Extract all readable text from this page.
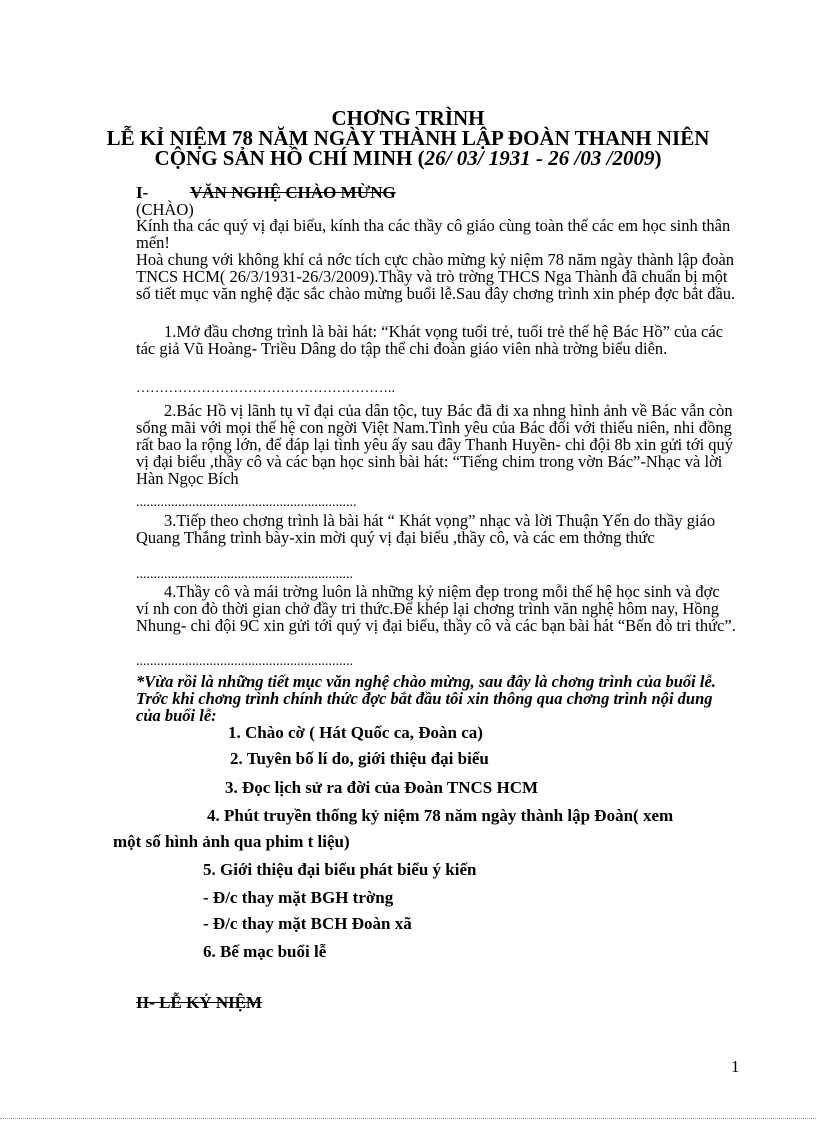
CHƠNG TRÌNH
LỄ KỈ NIỆM 78 NĂM NGÀY THÀNH LẬP ĐOÀN THANH NIÊN
CỘNG SẢN HỒ CHÍ MINH (26/ 03/ 1931 - 26 /03 /2009)
I- VĂN NGHỆ CHÀO MỪNG
(CHÀO)
Kính tha các quý vị đại biểu, kính tha các thầy cô giáo cùng toàn thể các em học sinh thân mến!
Hoà chung với không khí cả nớc tích cực chào mừng kỷ niệm 78 năm ngày thành lập đoàn TNCS HCM( 26/3/1931-26/3/2009).Thầy và trò trờng THCS Nga Thành đã chuẩn bị một số tiết mục văn nghệ đặc sắc chào mừng buổi lễ.Sau đây chơng trình xin phép đợc bắt đầu.
1.Mở đầu chơng trình là bài hát: “Khát vọng tuổi trẻ, tuổi trẻ thế hệ Bác Hồ” của các tác giả Vũ Hoàng- Triều Dâng do tập thể chi đoàn giáo viên nhà trờng biểu diễn.
………………………………………………..
2.Bác Hồ vị lãnh tụ vĩ đại của dân tộc, tuy Bác đã đi xa nhng hình ảnh về Bác vẫn còn sống mãi với mọi thế hệ con ngời Việt Nam.Tình yêu của Bác đối với thiếu niên, nhi đồng rất bao la rộng lớn, để đáp lại tình yêu ấy sau đây Thanh Huyền- chi đội 8b xin gửi tới quý vị đại biểu ,thầy cô và các bạn học sinh bài hát: “Tiếng chim trong vờn Bác”-Nhạc và lời Hàn Ngọc Bích
...............................................................
3.Tiếp theo chơng trình là bài hát “ Khát vọng” nhạc và lời Thuận Yến do thầy giáo Quang Thắng trình bày-xin mời quý vị đại biểu ,thầy cô, và các em thởng thức
..............................................................
4.Thầy cô và mái trờng luôn là những kỷ niệm đẹp trong mỗi thế hệ học sinh và đợc ví nh con đò thời gian chở đầy tri thức.Để khép lại chơng trình văn nghệ hôm nay, Hồng Nhung- chi đội 9C xin gửi tới quý vị đại biểu, thầy cô và các bạn bài hát “Bến đò tri thức”.
..............................................................
*Vừa rồi là những tiết mục văn nghệ chào mừng, sau đây là chơng trình của buổi lễ. Trớc khi chơng trình chính thức đợc bắt đầu tôi xin thông qua chơng trình nội dung của buổi lễ:
1. Chào cờ ( Hát Quốc ca, Đoàn ca)
2. Tuyên bố lí do, giới thiệu đại biểu
3. Đọc lịch sử ra đời của Đoàn TNCS HCM
4. Phút truyền thống kỷ niệm 78 năm ngày thành lập Đoàn( xem
một số hình ảnh qua phim t liệu)
5. Giới thiệu đại biểu phát biểu ý kiến
- Đ/c thay mặt BGH trờng
- Đ/c thay mặt BCH Đoàn xã
6. Bế mạc buổi lễ
II- LỄ KỶ NIỆM
1
